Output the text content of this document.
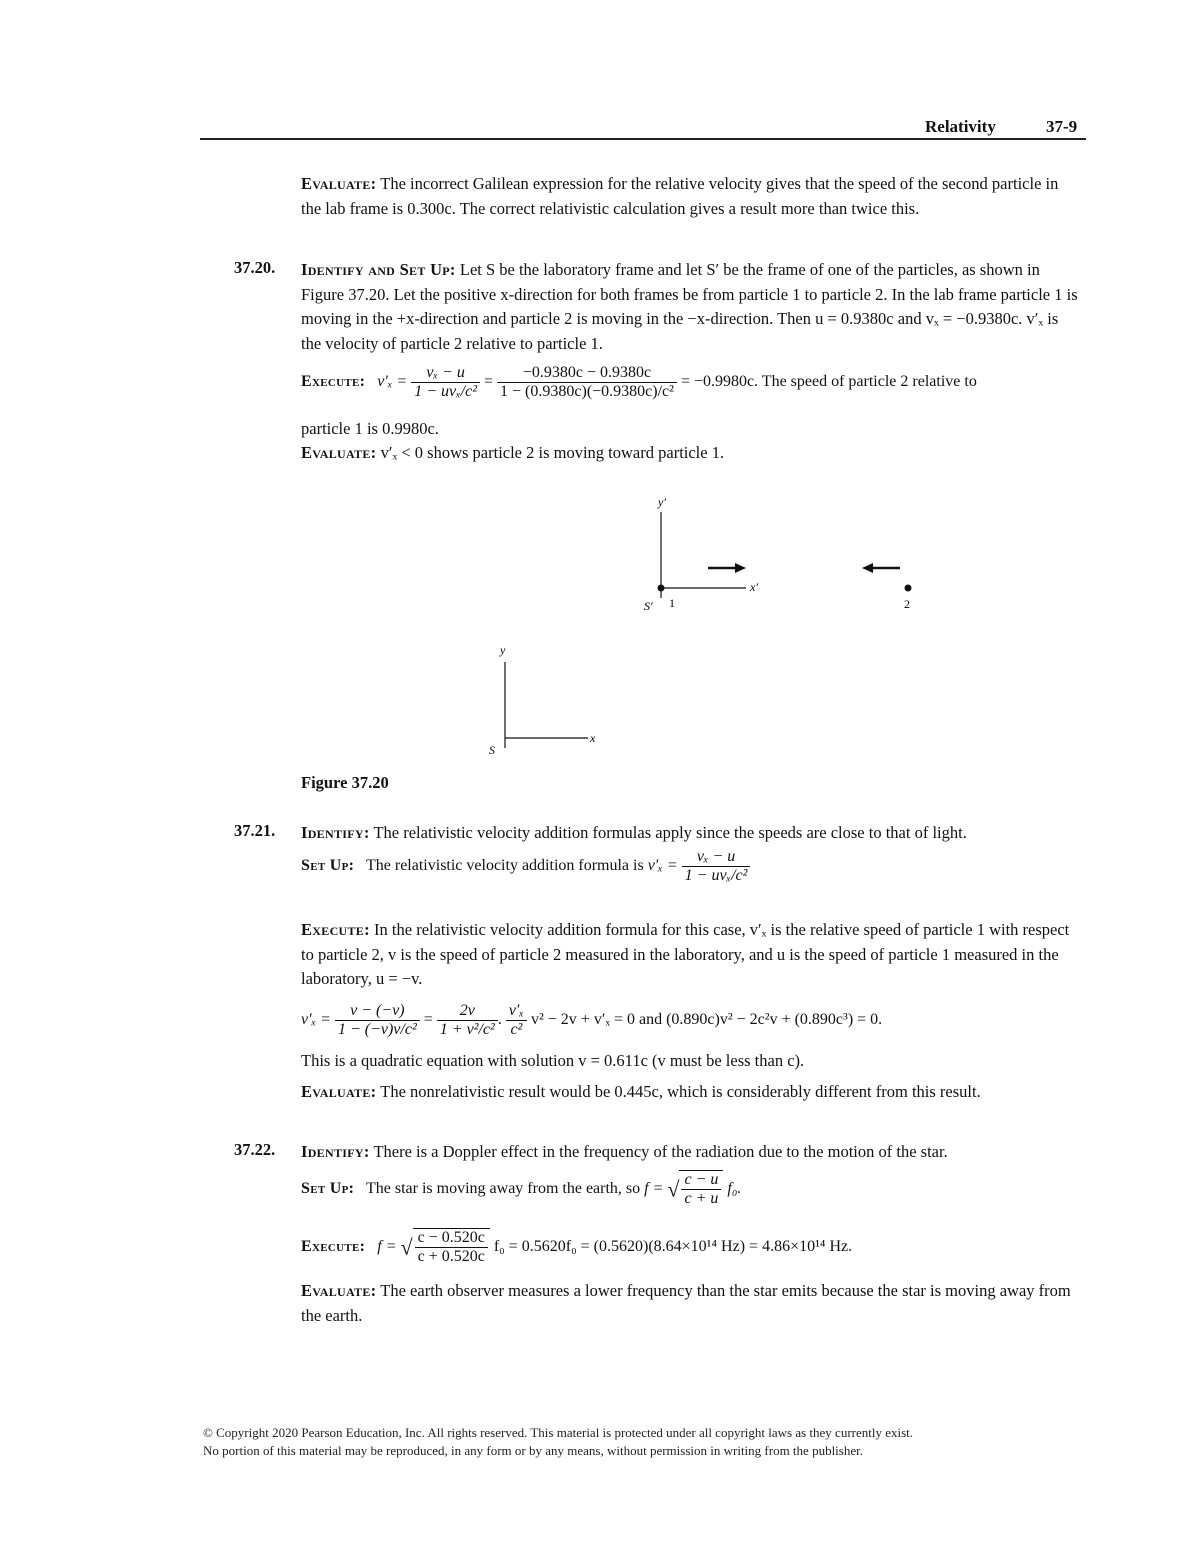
Relativity	37-9
Evaluate: The incorrect Galilean expression for the relative velocity gives that the speed of the second particle in the lab frame is 0.300c. The correct relativistic calculation gives a result more than twice this.
37.20. Identify and Set Up: Let S be the laboratory frame and let S′ be the frame of one of the particles, as shown in Figure 37.20. Let the positive x-direction for both frames be from particle 1 to particle 2. In the lab frame particle 1 is moving in the +x-direction and particle 2 is moving in the −x-direction. Then u = 0.9380c and vₓ = −0.9380c. v′ₓ is the velocity of particle 2 relative to particle 1.
Execute: $v'_x = \frac{\text{vₓ − u}}{\text{1 − uvₓ/c²}} = \frac{-0.9380c - 0.9380c}{\text{1 − (0.9380c)(−0.9380c)/c²}} = -0.9980c$. The speed of particle 2 relative to
particle 1 is 0.9980c.
Evaluate: v′ₓ < 0 shows particle 2 is moving toward particle 1.
y′
x′
S′ 1	2
y
x
S
Figure 37.20
37.21. Identify: The relativistic velocity addition formulas apply since the speeds are close to that of light.
Set Up: The relativistic velocity addition formula is $v'_x = \frac{\text{vₓ − u}}{\text{1 − uvₓ/c²}}$
Execute: In the relativistic velocity addition formula for this case, v′ₓ is the relative speed of particle 1 with respect to particle 2, v is the speed of particle 2 measured in the laboratory, and u is the speed of particle 1 measured in the laboratory, u = −v.
$v'_x = \frac{v - (-v)}{\text{1 − (−v)v/c²}} = \frac{2v}{\text{1 + v²/c²}}$ . $\frac{\text{v′ₓ}}{\text{c²}} v^2 - 2v + v'_x = 0$ and (0.890c)v² − 2c²v + (0.890c³) = 0.
This is a quadratic equation with solution v = 0.611c (v must be less than c).
Evaluate: The nonrelativistic result would be 0.445c, which is considerably different from this result.
37.22. Identify: There is a Doppler effect in the frequency of the radiation due to the motion of the star.
Set Up: The star is moving away from the earth, so f = √ $\frac{c - u}{c + u} f_0$.
Execute: f = √ $\frac{c - 0.520c}{c + 0.520c} f_0 = 0.5620f_0 = (0.5620)(8.64\times 10^{14}$ Hz) = 4.86×10¹⁴ Hz.
Evaluate: The earth observer measures a lower frequency than the star emits because the star is moving away from the earth.
© Copyright 2020 Pearson Education, Inc. All rights reserved. This material is protected under all copyright laws as they currently exist.
No portion of this material may be reproduced, in any form or by any means, without permission in writing from the publisher.
